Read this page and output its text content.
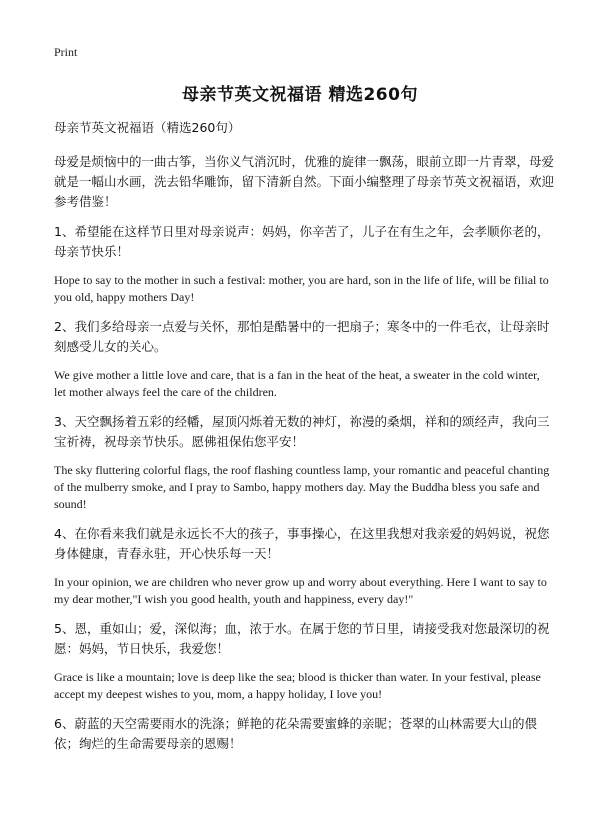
Print
母亲节英文祝福语 精选260句

母亲节英文祝福语（精选260句）

母爱是烦恼中的一曲古筝，当你义气消沉时，优雅的旋律一飘荡，眼前立即一片青翠，母爱就是一幅山水画，洗去铅华雕饰，留下清新自然。下面小编整理了母亲节英文祝福语，欢迎参考借鉴！

1、希望能在这样节日里对母亲说声：妈妈，你辛苦了，儿子在有生之年，会孝顺你老的，母亲节快乐！

Hope to say to the mother in such a festival: mother, you are hard, son in the life of life, will be filial to you old, happy mothers Day!

2、我们多给母亲一点爱与关怀，那怕是酷暑中的一把扇子；寒冬中的一件毛衣，让母亲时刻感受儿女的关心。

We give mother a little love and care, that is a fan in the heat of the heat, a sweater in the cold winter, let mother always feel the care of the children.

3、天空飘扬着五彩的经幡，屋顶闪烁着无数的神灯，祢漫的桑烟，祥和的颂经声，我向三宝祈祷，祝母亲节快乐。愿佛祖保佑您平安！

The sky fluttering colorful flags, the roof flashing countless lamp, your romantic and peaceful chanting of the mulberry smoke, and I pray to Sambo, happy mothers day. May the Buddha bless you safe and sound!

4、在你看来我们就是永远长不大的孩子，事事操心，在这里我想对我亲爱的妈妈说，祝您身体健康，青春永驻，开心快乐每一天！

In your opinion, we are children who never grow up and worry about everything. Here I want to say to my dear mother,"I wish you good health, youth and happiness, every day!"

5、恩，重如山；爱，深似海；血，浓于水。在属于您的节日里，请接受我对您最深切的祝愿：妈妈，节日快乐，我爱您！

Grace is like a mountain; love is deep like the sea; blood is thicker than water. In your festival, please accept my deepest wishes to you, mom, a happy holiday, I love you!

6、蔚蓝的天空需要雨水的洗涤；鲜艳的花朵需要蜜蜂的亲昵；苍翠的山林需要大山的偎依；绚烂的生命需要母亲的恩赐！
